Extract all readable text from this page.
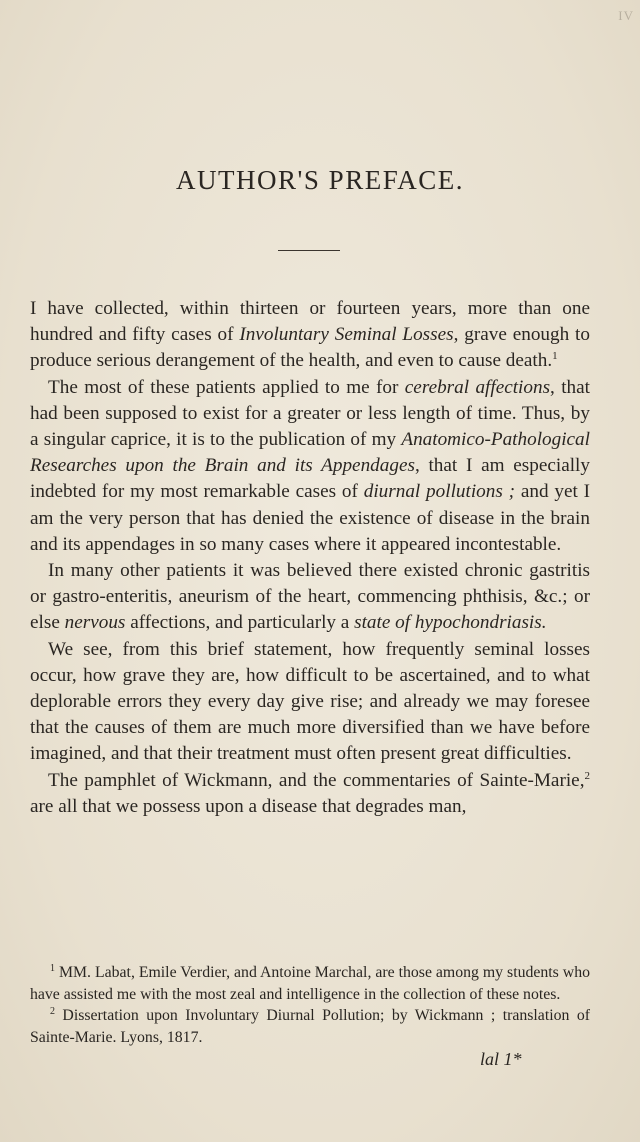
IV
AUTHOR'S PREFACE.

I have collected, within thirteen or fourteen years, more than one hundred and fifty cases of Involuntary Seminal Losses, grave enough to produce serious derangement of the health, and even to cause death.$^1$

The most of these patients applied to me for cerebral affections, that had been supposed to exist for a greater or less length of time. Thus, by a singular caprice, it is to the publication of my Anatomico-Pathological Researches upon the Brain and its Appendages, that I am especially indebted for my most remarkable cases of diurnal pollutions ; and yet I am the very person that has denied the existence of disease in the brain and its appendages in so many cases where it appeared incontestable.

In many other patients it was believed there existed chronic gastritis or gastro-enteritis, aneurism of the heart, commencing phthisis, &c.; or else nervous affections, and particularly a state of hypochondriasis.

We see, from this brief statement, how frequently seminal losses occur, how grave they are, how difficult to be ascertained, and to what deplorable errors they every day give rise; and already we may foresee that the causes of them are much more diversified than we have before imagined, and that their treatment must often present great difficulties.

The pamphlet of Wickmann, and the commentaries of Sainte-Marie,$^2$ are all that we possess upon a disease that degrades man,

$^1$ MM. Labat, Emile Verdier, and Antoine Marchal, are those among my students who have assisted me with the most zeal and intelligence in the collection of these notes.

$^2$ Dissertation upon Involuntary Diurnal Pollution; by Wickmann ; translation of Sainte-Marie. Lyons, 1817.

lal 1*
